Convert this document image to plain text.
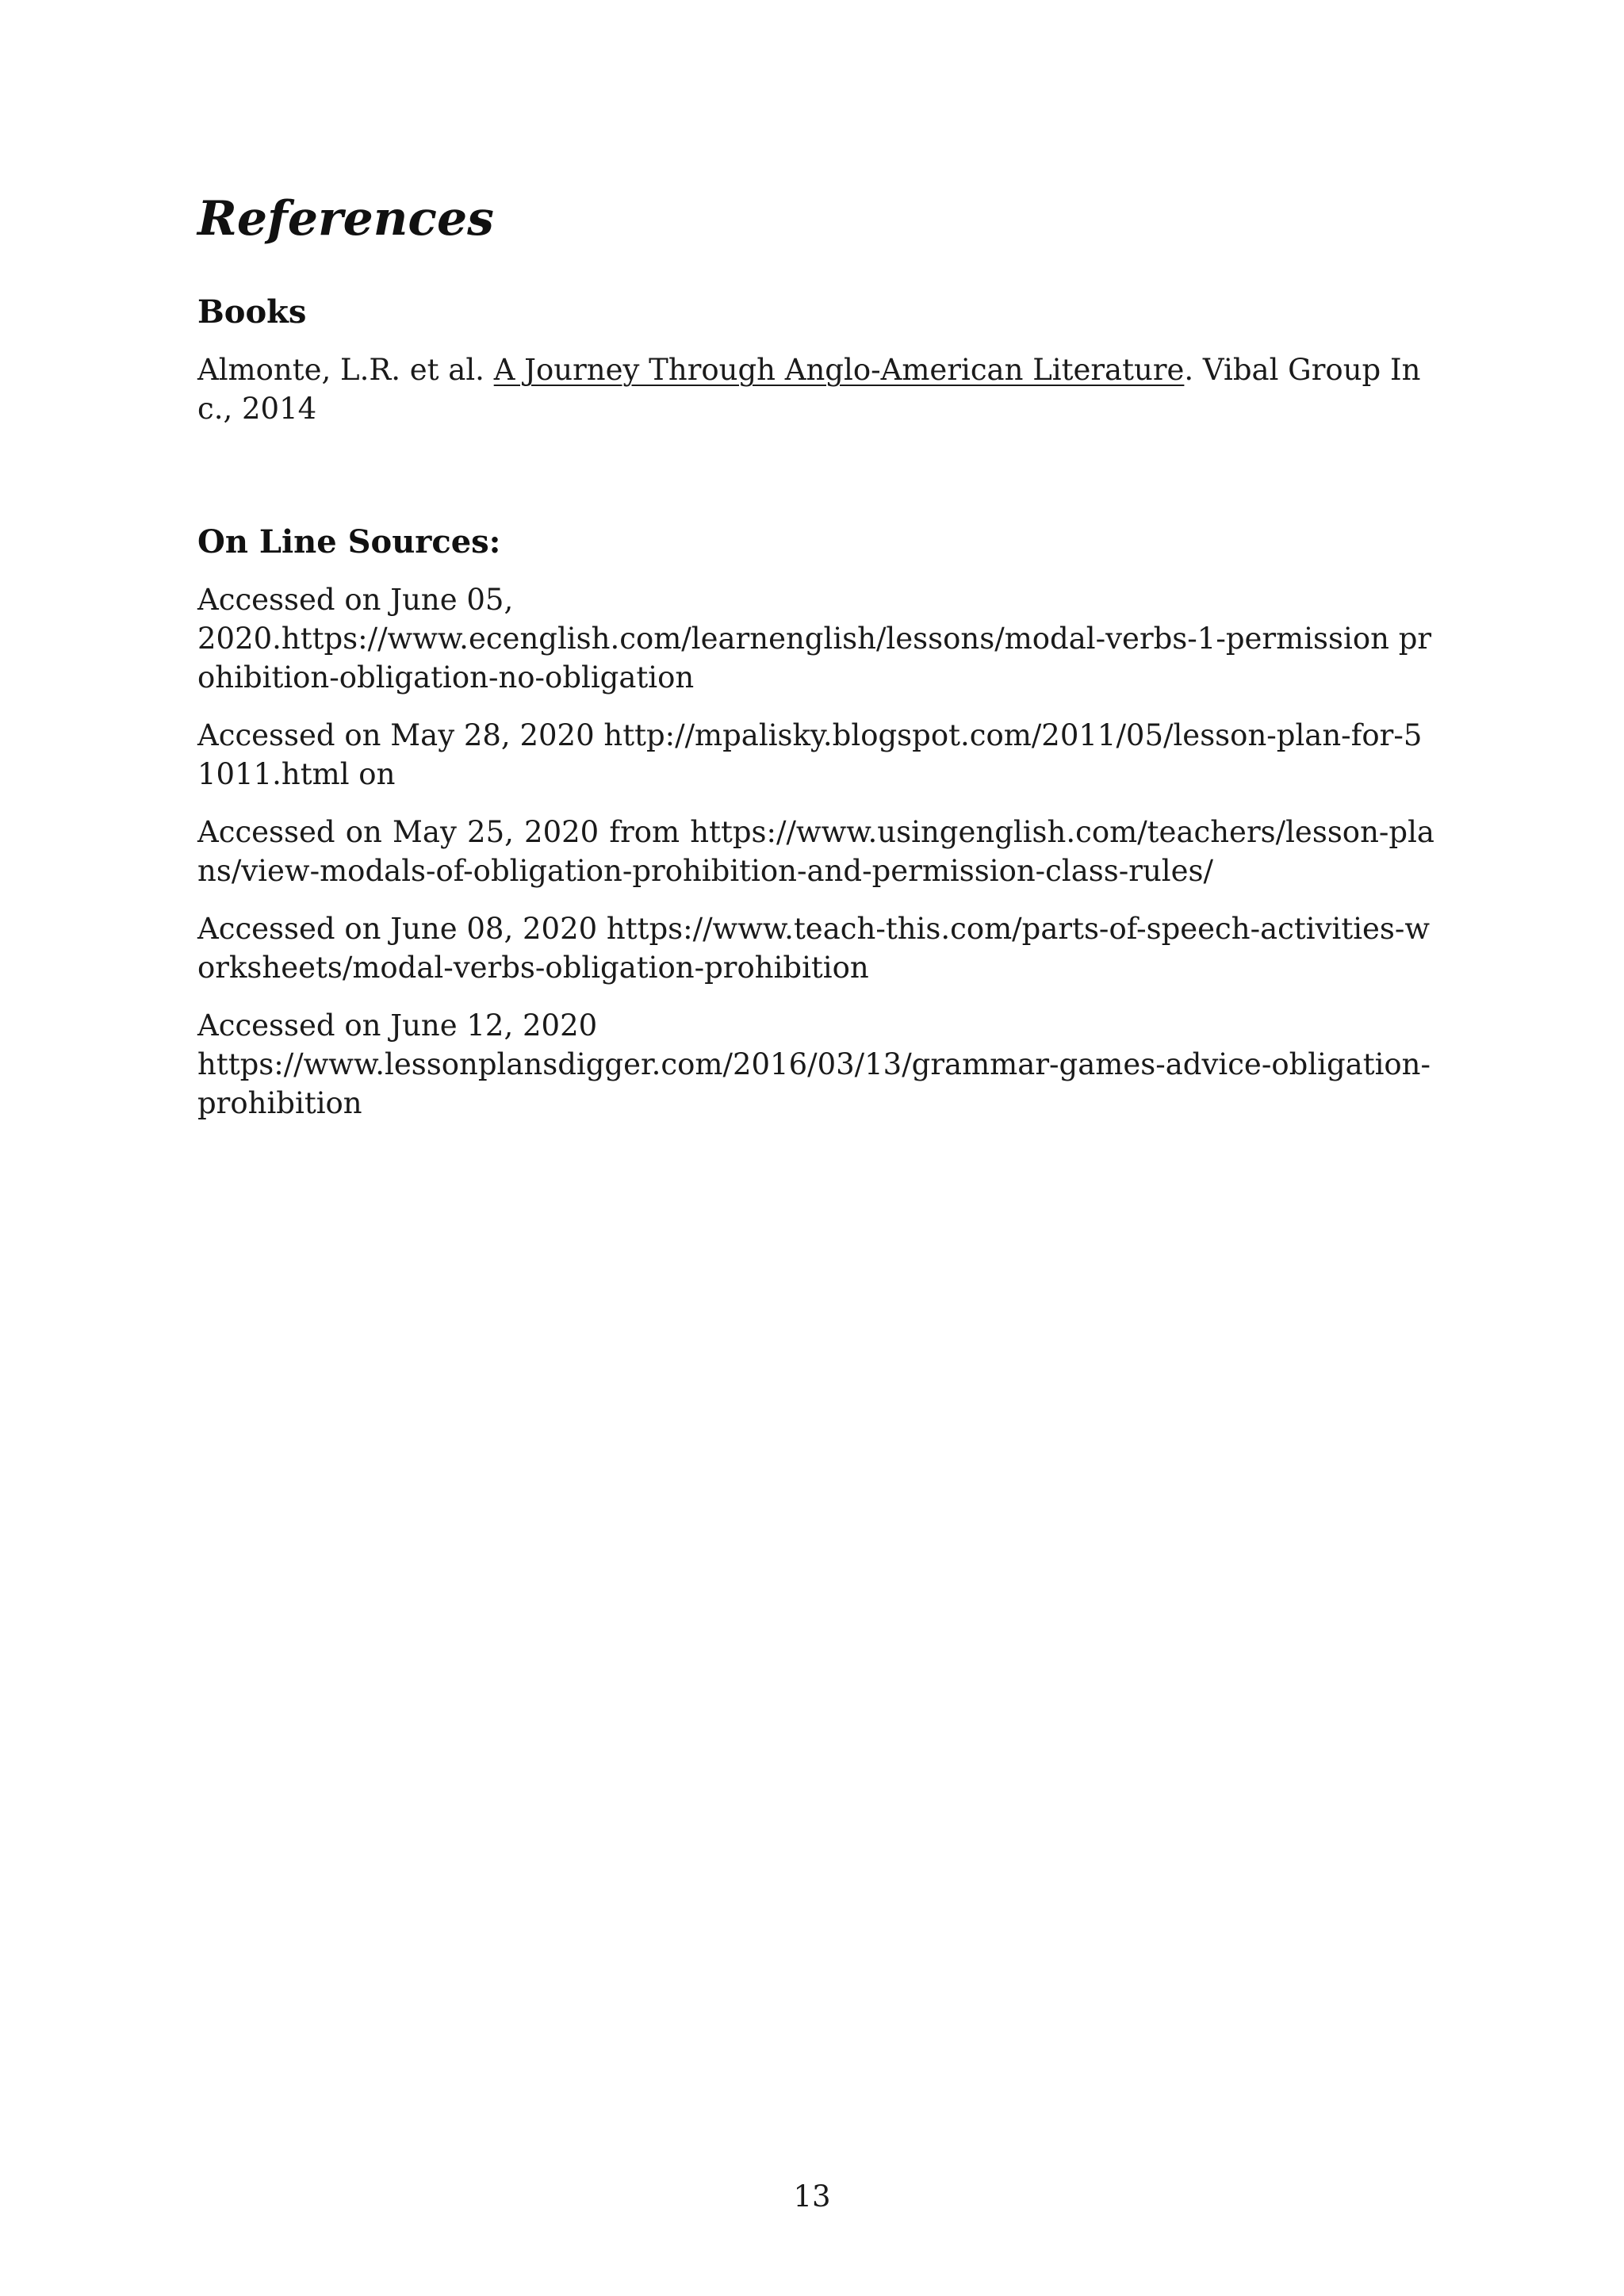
References
Books

Almonte, L.R. et al. A Journey Through Anglo-American Literature. Vibal Group Inc., 2014

On Line Sources:

Accessed on June 05,
2020.https://www.ecenglish.com/learnenglish/lessons/modal-verbs-1-permission prohibition-obligation-no-obligation

Accessed on May 28, 2020 http://mpalisky.blogspot.com/2011/05/lesson-plan-for-51011.html on

Accessed on May 25, 2020 from https://www.usingenglish.com/teachers/lesson-plans/view-modals-of-obligation-prohibition-and-permission-class-rules/

Accessed on June 08, 2020 https://www.teach-this.com/parts-of-speech-activities-worksheets/modal-verbs-obligation-prohibition

Accessed on June 12, 2020
https://www.lessonplansdigger.com/2016/03/13/grammar-games-advice-obligation-prohibition

13
